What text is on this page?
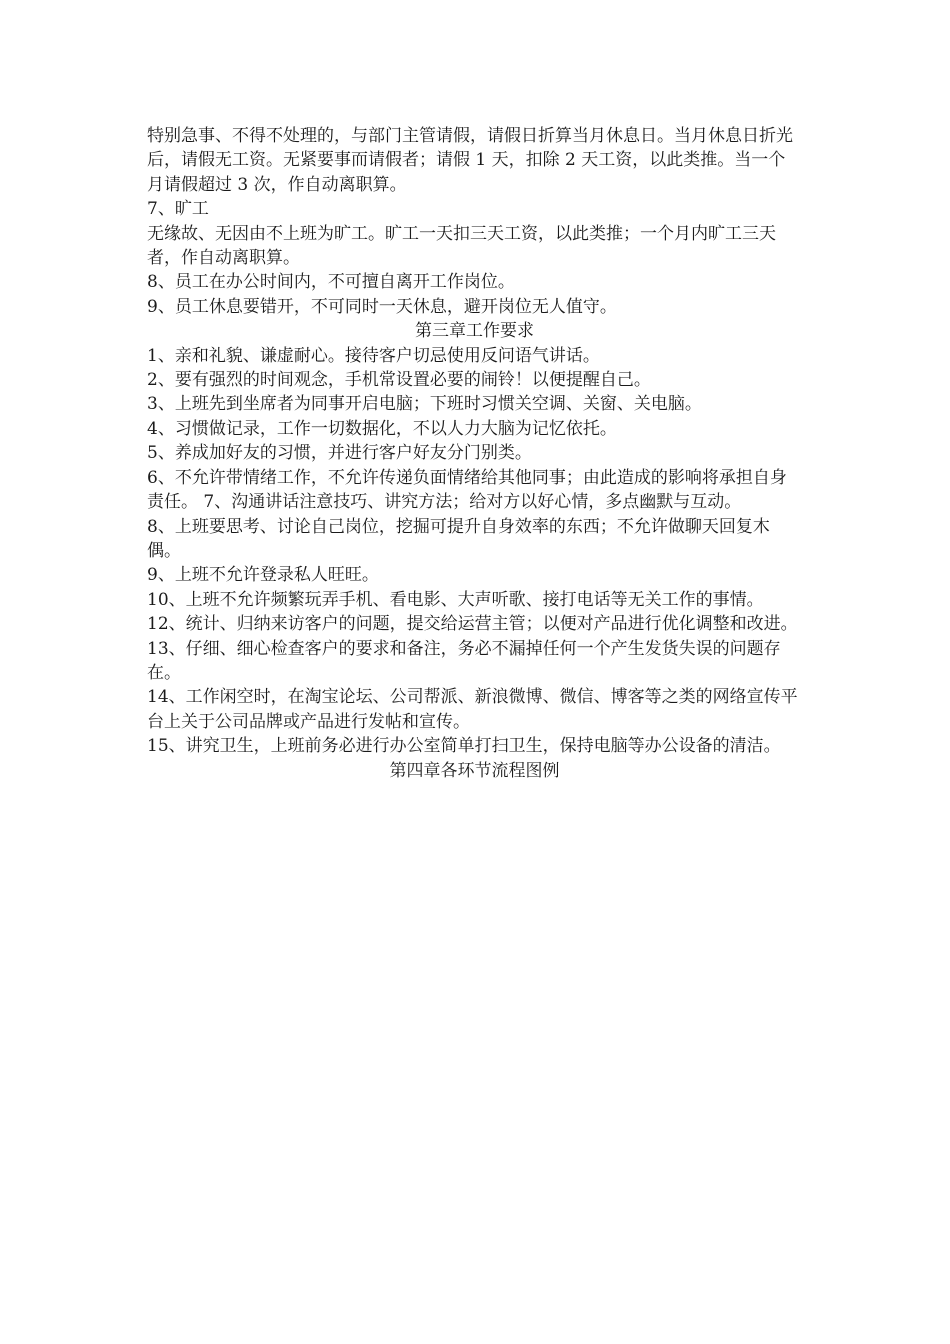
特别急事、不得不处理的，与部门主管请假，请假日折算当月休息日。当月休息日折光后，请假无工资。无紧要事而请假者；请假 1 天，扣除 2 天工资，以此类推。当一个月请假超过 3 次，作自动离职算。

7、旷工

无缘故、无因由不上班为旷工。旷工一天扣三天工资，以此类推；一个月内旷工三天者，作自动离职算。

8、员工在办公时间内，不可擅自离开工作岗位。

9、员工休息要错开，不可同时一天休息，避开岗位无人值守。

第三章工作要求

1、亲和礼貌、谦虚耐心。接待客户切忌使用反问语气讲话。

2、要有强烈的时间观念，手机常设置必要的闹铃！以便提醒自己。

3、上班先到坐席者为同事开启电脑；下班时习惯关空调、关窗、关电脑。

4、习惯做记录，工作一切数据化，不以人力大脑为记忆依托。

5、养成加好友的习惯，并进行客户好友分门别类。

6、不允许带情绪工作，不允许传递负面情绪给其他同事；由此造成的影响将承担自身责任。 7、沟通讲话注意技巧、讲究方法；给对方以好心情，多点幽默与互动。

8、上班要思考、讨论自己岗位，挖掘可提升自身效率的东西；不允许做聊天回复木偶。

9、上班不允许登录私人旺旺。

10、上班不允许频繁玩弄手机、看电影、大声听歌、接打电话等无关工作的事情。

12、统计、归纳来访客户的问题，提交给运营主管；以便对产品进行优化调整和改进。13、仔细、细心检查客户的要求和备注，务必不漏掉任何一个产生发货失误的问题存在。

14、工作闲空时，在淘宝论坛、公司帮派、新浪微博、微信、博客等之类的网络宣传平台上关于公司品牌或产品进行发帖和宣传。

15、讲究卫生，上班前务必进行办公室简单打扫卫生，保持电脑等办公设备的清洁。

第四章各环节流程图例
